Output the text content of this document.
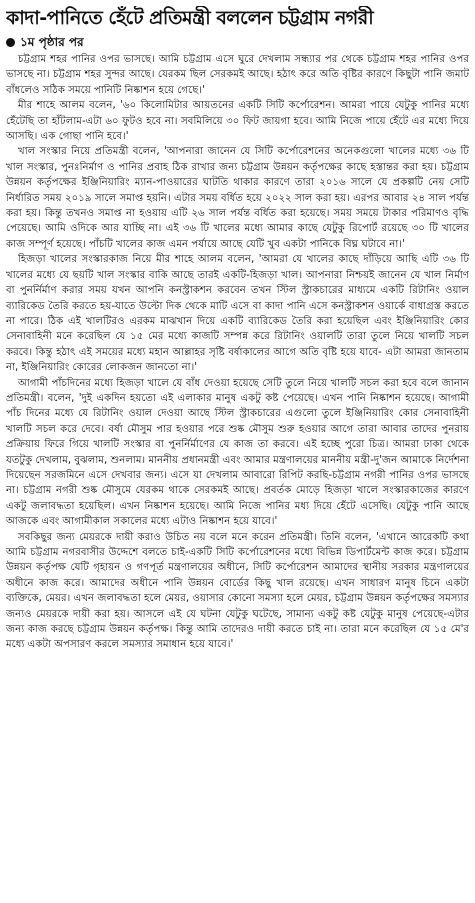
কাদা-পানিতে হেঁটে প্রতিমন্ত্রী বললেন চট্টগ্রাম নগরী
১ম পৃষ্ঠার পর

চট্টগ্রাম শহর পানির ওপর ভাসছে। আমি চট্টগ্রাম এসে ঘুরে দেখলাম সন্ধ্যার পর থেকে চট্টগ্রাম শহর পানির ওপর ভাসছে না। চট্টগ্রাম শহর সুন্দর আছে। যেরকম ছিল সেরকমই আছে। হঠাৎ করে অতি বৃষ্টির কারণে কিছুটা পানি জমাট বাঁধলেও সঠিক সময়ে পানিটি নিষ্কাশন হয়ে গেছে।'

মীর শাহে আলম বলেন, '৬০ কিলোমিটার আয়তনের একটি সিটি কর্পোরেশন। আমরা পায়ে যেটুকু পানির মধ্যে হেঁটেছি তা হাঁটলাম-এটা ৬০ ফুটও হবে না। সবমিলিয়ে ৩০ ফিট জায়গা হবে। আমি নিজে পায়ে হেঁটে এর মধ্যে দিয়ে আসছি। এক গোছা পানি হবে।'

খাল সংস্কার নিয়ে প্রতিমন্ত্রী বলেন, 'আপনারা জানেন যে সিটি কর্পোরেশনের অনেকগুলো খালের মধ্যে ৩৬ টি খাল সংস্কার, পুনঃনির্মাণ ও পানির প্রবাহ ঠিক রাখার জন্য চট্টগ্রাম উন্নয়ন কর্তৃপক্ষের কাছে হস্তান্তর করা হয়। চট্টগ্রাম উন্নয়ন কর্তৃপক্ষের ইঞ্জিনিয়ারিং ম্যান-পাওয়ারের ঘাটতি থাকার কারণে তারা ২০১৬ সালে যে প্রকল্পটি নেয় সেটি নির্ধারিত সময় ২০১৯ সালে সমাপ্ত হয়নি। এটার সময় বর্ধিত হয়ে ২০২২ সাল করা হয়। এরপর আবার ২৪ সাল পর্যন্ত করা হয়। কিন্তু তখনও সমাপ্ত না হওয়ায় এটি ২৬ সাল পর্যন্ত বর্ধিত করা হয়েছে। সময় সময়ে টাকার পরিমাণও বৃদ্ধি পেয়েছে। আমি ওদিকে আর যাচ্ছি না। এই ৩৬ টি খালের মধ্যে আমার কাছে যেটুকু রিপোর্ট রয়েছে ৩০ টি খালের কাজ সম্পূর্ণ হয়েছে। পাঁচটি খালের কাজ এমন পর্যায়ে আছে যেটি খুব একটা পানিকে বিঘ্ন ঘটাবে না।'

হিজড়া খালের সংস্কারকাজ নিয়ে মীর শাহে আলম বলেন, 'আমরা যে খালের কাছে দাঁড়িয়ে আছি এটি ৩৬ টি খালের মধ্যে যে ছয়টি খাল সংস্কার বাকি আছে তারই একটি-হিজড়া খাল। আপনারা নিশ্চয়ই জানেন যে খাল নির্মাণ বা পুনর্নির্মাণ করার সময় যখন আপনি কনস্ট্রাকশন করবেন তখন স্টিল স্ট্রাকচারের মাধ্যমে একটি রিটানিং ওয়াল ব্যারিকেড তৈরি করতে হয়-যাতে উল্টো দিক থেকে মাটি এসে বা কাদা পানি এসে কনস্ট্রাকশন ওয়ার্কে বাধাগ্রস্ত করতে না পারে। ঠিক এই খালটিরও এরকম মাঝখান দিয়ে একটি ব্যারিকেড তৈরি করা হয়েছিল এবং ইঞ্জিনিয়ারিং কোর সেনাবাহিনী মনে করেছিল যে ১৫ মের মধ্যে কাজটি সম্পন্ন করে রিটানিং ওয়ালটি তারা তুলে নিয়ে খালটি সচল করবে। কিন্তু হঠাৎ এই সময়ের মধ্যে মহান আল্লাহর সৃষ্টি বর্ষাকালের আগে অতি বৃষ্টি হয়ে যাবে- এটা আমরা জানতাম না, ইঞ্জিনিয়ারিং কোরের লোকজন জানতো না।'

আগামী পাঁচদিনের মধ্যে হিজড়া খালে যে বাঁধ দেওয়া হয়েছে সেটি তুলে নিয়ে খালটি সচল করা হবে বলে জানান প্রতিমন্ত্রী। বলেন, 'দুই একদিন হয়তো এই এলাকার মানুষ একটু কষ্ট পেয়েছে। এখন পানি নিষ্কাশন হয়েছে। আগামী পাঁচ দিনের মধ্যে যে রিটানিং ওয়াল দেওয়া আছে স্টিল স্ট্রাকচারের এগুলো তুলে ইঞ্জিনিয়ারিং কোর সেনাবাহিনী খালটি সচল করে দেবে। বর্ষা মৌসুম পার হওয়ার পরে শুষ্ক মৌসুম শুরু হওয়ার আগে তারা আবার তাদের পুনরায় প্রক্রিয়ায় ফিরে গিয়ে খালটি সংস্কার বা পুনর্নির্মাণের যে কাজ তা করবে। এই হচ্ছে পুরো চিত্র। আমরা ঢাকা থেকে যতটুকু দেখলাম, বুঝলাম, শুনলাম। মাননীয় প্রধানমন্ত্রী এবং আমার মন্ত্রণালয়ের মাননীয় মন্ত্রী-দু'জন আমাকে নির্দেশনা দিয়েছেন সরজমিনে এসে দেখবার জন্য। এসে যা দেখলাম আবারো রিপিট করছি-চট্টগ্রাম নগরী পানির ওপর ভাসছে না। চট্টগ্রাম নগরী শুষ্ক মৌসুমে যেরকম থাকে সেরকমই আছে। প্রবর্তক মোড়ে হিজড়া খালে সংস্কারকাজের কারণে একটু জলাবদ্ধতা হয়েছিল। এখন নিষ্কাশন হয়েছে। আমি নিজে পানির মধ্য দিয়ে হেঁটে এসেছি। যেটুকু পানি আছে আজকে এবং আগামীকাল সকালের মধ্যে এটাও নিষ্কাশন হয়ে যাবে।'

সবকিছুর জন্য মেয়রকে দায়ী করাও উচিত নয় বলে মনে করেন প্রতিমন্ত্রী। তিনি বলেন, 'এখানে আরেকটি কথা আমি চট্টগ্রাম নগরবাসীর উদ্দেশে বলতে চাই-একটি সিটি কর্পোরেশনের মধ্যে বিভিন্ন ডিপার্টমেন্ট কাজ করে। চট্টগ্রাম উন্নয়ন কর্তৃপক্ষ যেটি গৃহায়ন ও গণপূর্ত মন্ত্রণালয়ের অধীনে, সিটি কর্পোরেশন আমাদের স্থানীয় সরকার মন্ত্রণালয়ের অধীনে কাজ করে। আমাদের অধীনে পানি উন্নয়ন বোর্ডের কিছু খাল রয়েছে। এখন সাধারণ মানুষ চিনে একটা ব্যক্তিকে, মেয়র। এখন জলাবদ্ধতা হলে মেয়র, ওয়াসার কোনো সমস্যা হলে মেয়র, চট্টগ্রাম উন্নয়ন কর্তৃপক্ষের সমস্যার জন্যও মেয়রকে দায়ী করা হয়। আসলে এই যে ঘটনা যেটুকু ঘটেছে, সামান্য একটু কষ্ট যেটুকু মানুষ পেয়েছে-এটার জন্য কাজ করছে চট্টগ্রাম উন্নয়ন কর্তৃপক্ষ। কিন্তু আমি তাদেরও দায়ী করতে চাই না। তারা মনে করেছিল যে ১৫ মে'র মধ্যে একটা অপসারণ করলে সমস্যার সমাধান হয়ে যাবে।'
